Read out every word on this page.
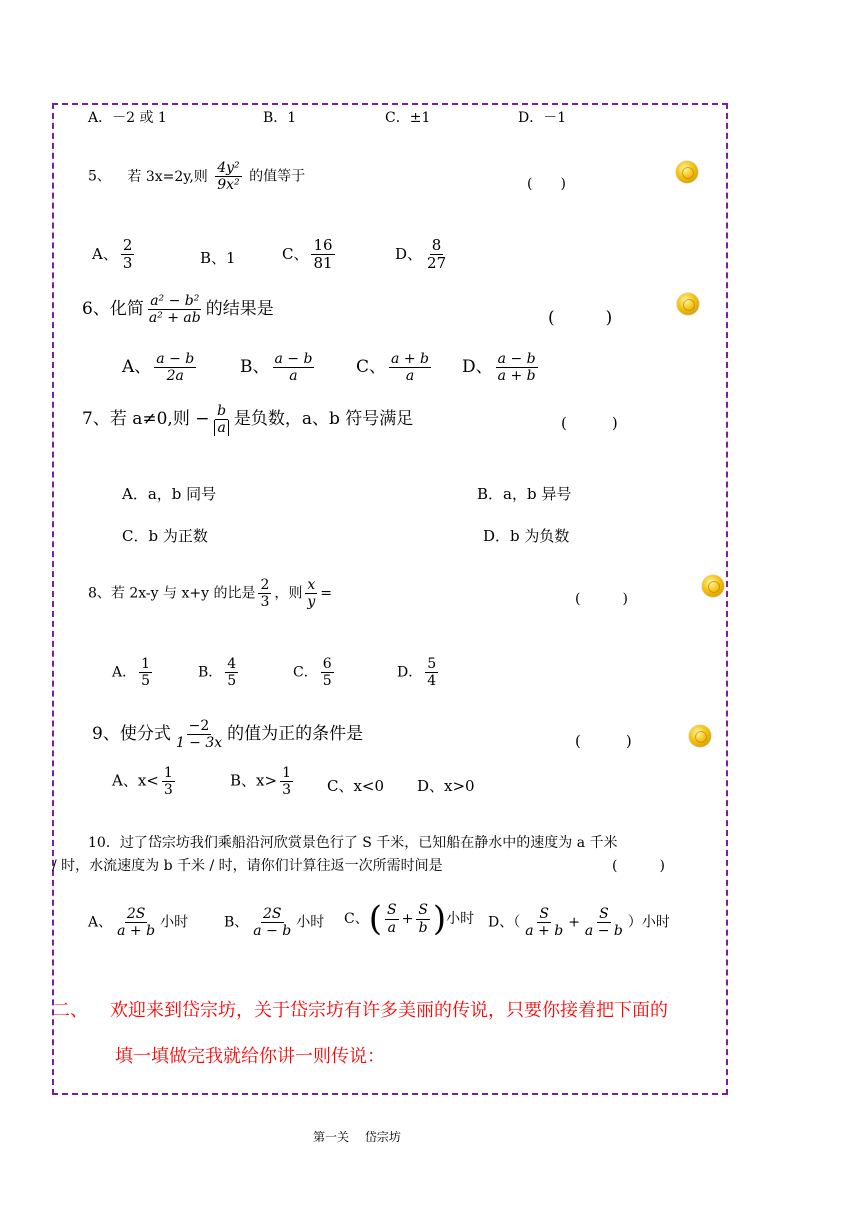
A．－2 或 1	B．1	C．±1	D．－1
5、 若 3x=2y,则 $\frac{\text{4y²}}{\text{9x²}}$ 的值等于	(　　)
A、 $\frac{2}{3}$	B、1	C、 $\frac{16}{81}$	D、 $\frac{8}{27}$
6、化简 $\frac{\text{a² − b²}}{\text{a² + ab}}$ 的结果是	(　　　)
A、 $\frac{a - b}{2a}$	B、 $\frac{a - b}{a}$ C、 $\frac{a + b}{a}$ D、 $\frac{a - b}{a + b}$
7、若 a≠0,则 − $\frac{b}{a}$ 是负数，a、b 符号满足	(　　　)
A．a，b 同号	B．a，b 异号
C．b 为正数	D．b 为负数
8、若 2x-y 与 x+y 的比是 $\frac{2}{3}$ ，则 $\frac{x}{y}$ =	(　　　)
A． $\frac{1}{5}$	B． $\frac{4}{5}$	C． $\frac{6}{5}$	D． $\frac{5}{4}$
9、使分式 $\frac{-2}{1 - 3x}$ 的值为正的条件是	(　　　)
A、$x< \frac{1}{3}$	B、$x> \frac{1}{3}$ C、x<0 D、x>0
10．过了岱宗坊我们乘船沿河欣赏景色行了 S 千米，已知船在静水中的速度为 a 千米
/ 时，水流速度为 b 千米 / 时，请你们计算往返一次所需时间是	(　　　)
A、 $\frac{2S}{a + b}$ 小时	B、 $\frac{2S}{a - b}$ 小时 C、( $\frac{S}{a} + \frac{S}{b}$ )小时 D、（ $\frac{S}{a + b} + \frac{S}{a - b}$ ）小时
二、 欢迎来到岱宗坊，关于岱宗坊有许多美丽的传说，只要你接着把下面的
填一填做完我就给你讲一则传说：
第一关　 岱宗坊
